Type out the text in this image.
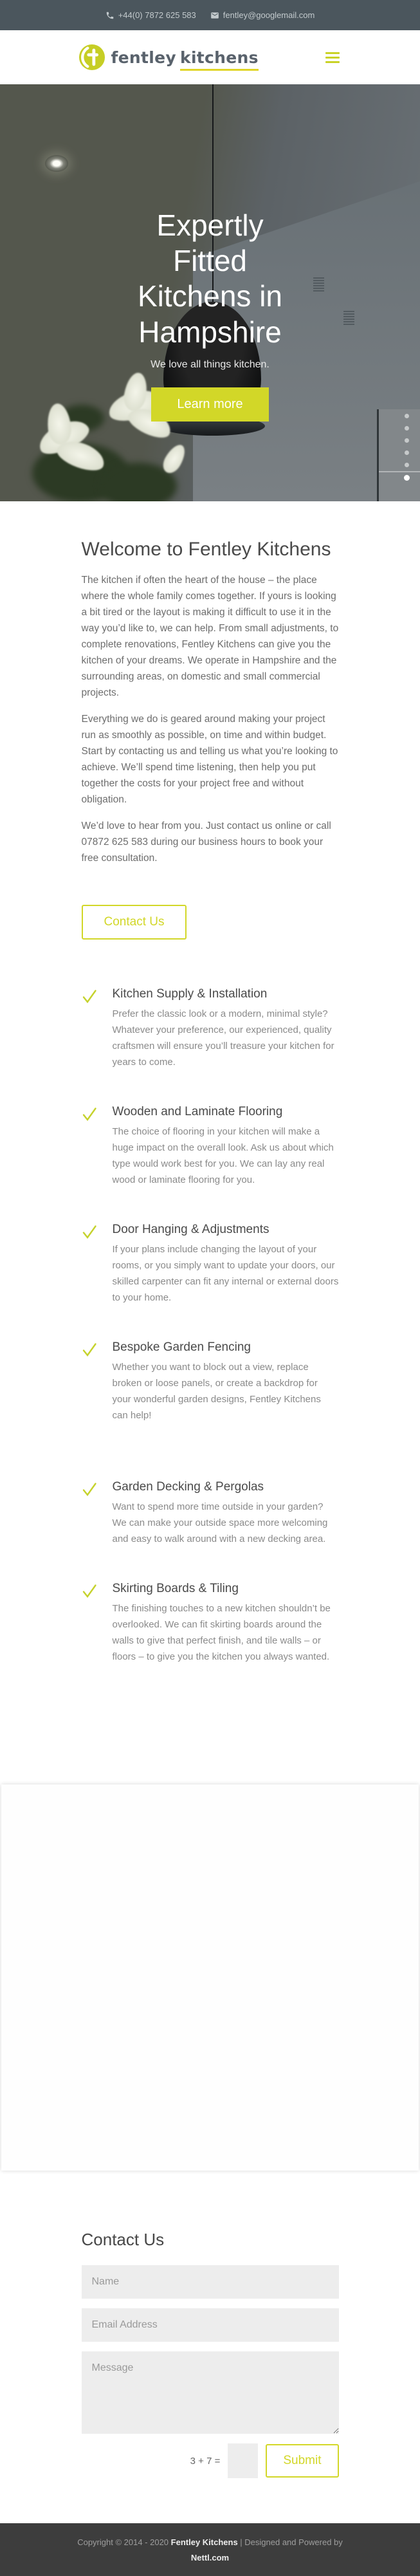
+44(0) 7872 625 583	fentley@googlemail.com
fentley kitchens
Expertly Fitted Kitchens in Hampshire
We love all things kitchen.
Learn more
Welcome to Fentley Kitchens

The kitchen if often the heart of the house – the place where the whole family comes together. If yours is looking a bit tired or the layout is making it difficult to use it in the way you’d like to, we can help. From small adjustments, to complete renovations, Fentley Kitchens can give you the kitchen of your dreams. We operate in Hampshire and the surrounding areas, on domestic and small commercial projects.

Everything we do is geared around making your project run as smoothly as possible, on time and within budget. Start by contacting us and telling us what you’re looking to achieve. We’ll spend time listening, then help you put together the costs for your project free and without obligation.

We’d love to hear from you. Just contact us online or call 07872 625 583 during our business hours to book your free consultation.

Contact Us
Kitchen Supply & Installation

Prefer the classic look or a modern, minimal style? Whatever your preference, our experienced, quality craftsmen will ensure you’ll treasure your kitchen for years to come.

Wooden and Laminate Flooring

The choice of flooring in your kitchen will make a huge impact on the overall look. Ask us about which type would work best for you. We can lay any real wood or laminate flooring for you.

Door Hanging & Adjustments

If your plans include changing the layout of your rooms, or you simply want to update your doors, our skilled carpenter can fit any internal or external doors to your home.

Bespoke Garden Fencing

Whether you want to block out a view, replace broken or loose panels, or create a backdrop for your wonderful garden designs, Fentley Kitchens can help!

Garden Decking & Pergolas

Want to spend more time outside in your garden? We can make your outside space more welcoming and easy to walk around with a new decking area.

Skirting Boards & Tiling

The finishing touches to a new kitchen shouldn’t be overlooked. We can fit skirting boards around the walls to give that perfect finish, and tile walls – or floors – to give you the kitchen you always wanted.

Contact Us
Name Email Address
Message
3 + 7 =	Submit
Copyright © 2014 - 2020 Fentley Kitchens | Designed and Powered by Nettl.com
